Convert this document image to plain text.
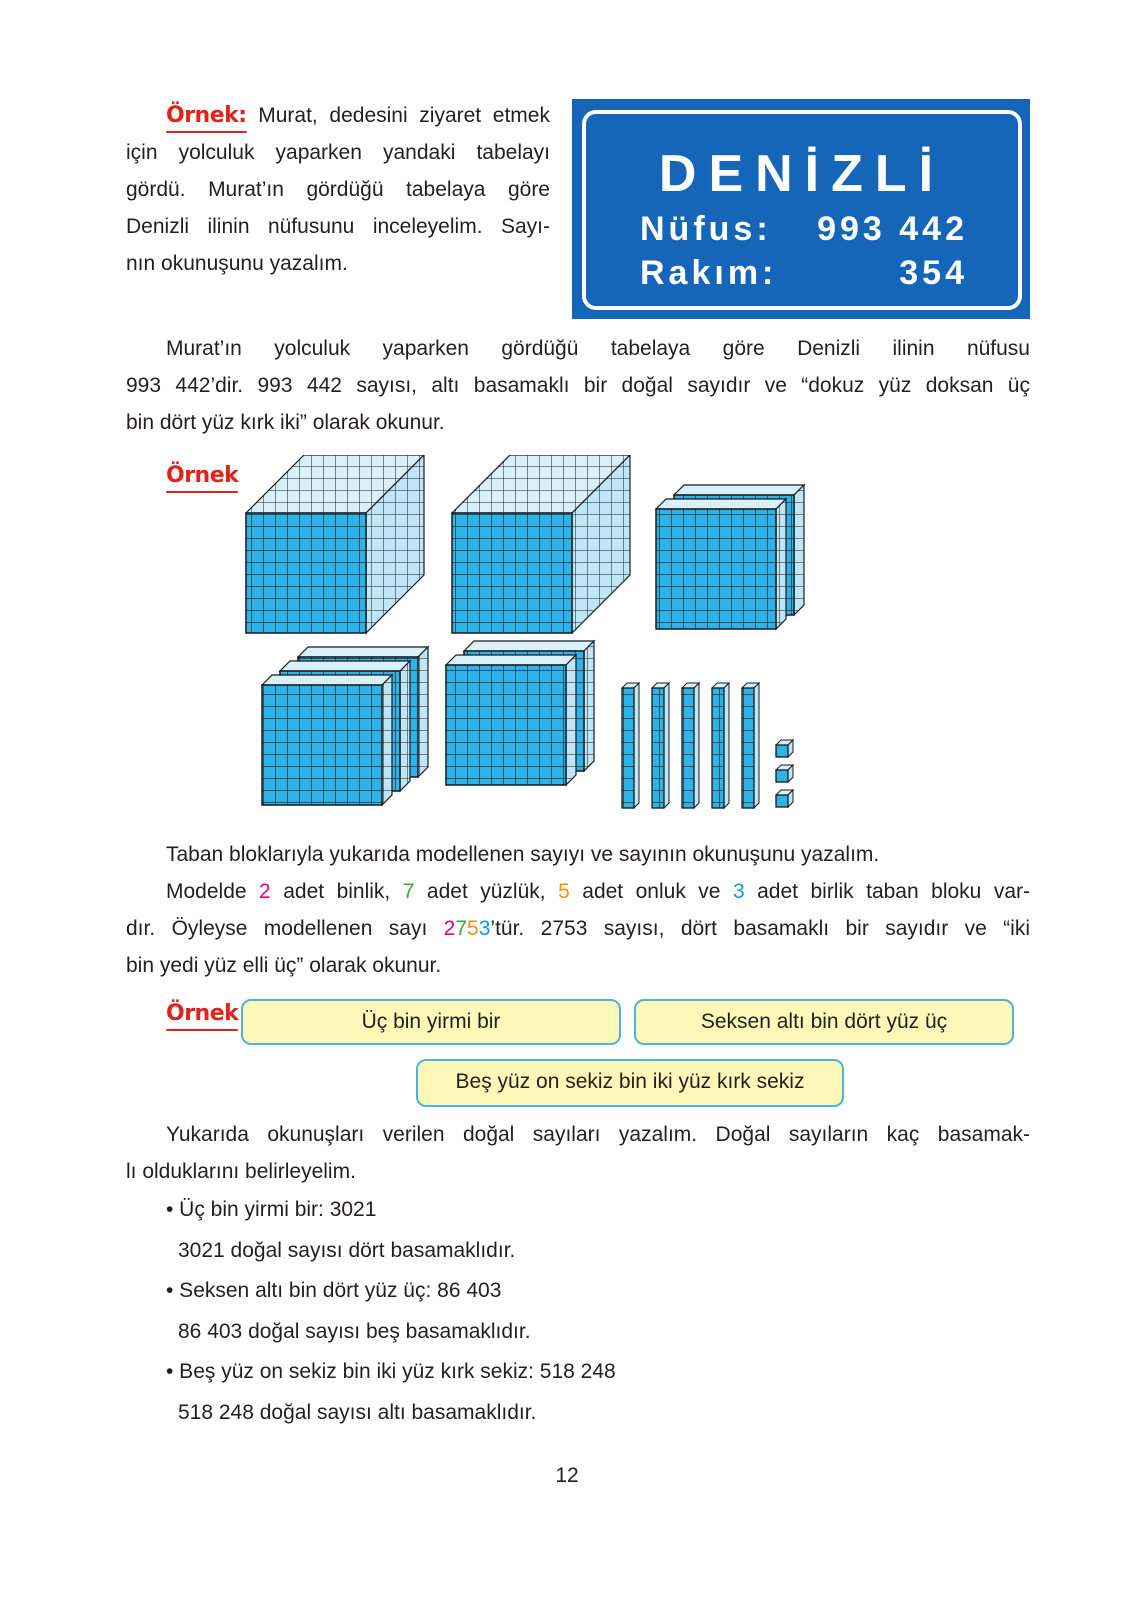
Örnek: Murat, dedesini ziyaret etmek
için yolculuk yaparken yandaki tabelayı
gördü. Murat’ın gördüğü tabelaya göre
Denizli ilinin nüfusunu inceleyelim. Sayı-
nın okunuşunu yazalım.
DENİZLİ
Nüfus: 993 442
Rakım:	354
Murat’ın yolculuk yaparken gördüğü tabelaya göre Denizli ilinin nüfusu
993 442’dir. 993 442 sayısı, altı basamaklı bir doğal sayıdır ve “dokuz yüz doksan üç
bin dört yüz kırk iki” olarak okunur.
Örnek
Taban bloklarıyla yukarıda modellenen sayıyı ve sayının okunuşunu yazalım.
Modelde 2 adet binlik, 7 adet yüzlük, 5 adet onluk ve 3 adet birlik taban bloku var-
dır. Öyleyse modellenen sayı 2753’tür. 2753 sayısı, dört basamaklı bir sayıdır ve “iki
bin yedi yüz elli üç” olarak okunur.
Örnek	Üç bin yirmi bir	Seksen altı bin dört yüz üç
Beş yüz on sekiz bin iki yüz kırk sekiz
Yukarıda okunuşları verilen doğal sayıları yazalım. Doğal sayıların kaç basamak-
lı olduklarını belirleyelim.
• Üç bin yirmi bir: 3021
3021 doğal sayısı dört basamaklıdır.
• Seksen altı bin dört yüz üç: 86 403
86 403 doğal sayısı beş basamaklıdır.
• Beş yüz on sekiz bin iki yüz kırk sekiz: 518 248
518 248 doğal sayısı altı basamaklıdır.
12
